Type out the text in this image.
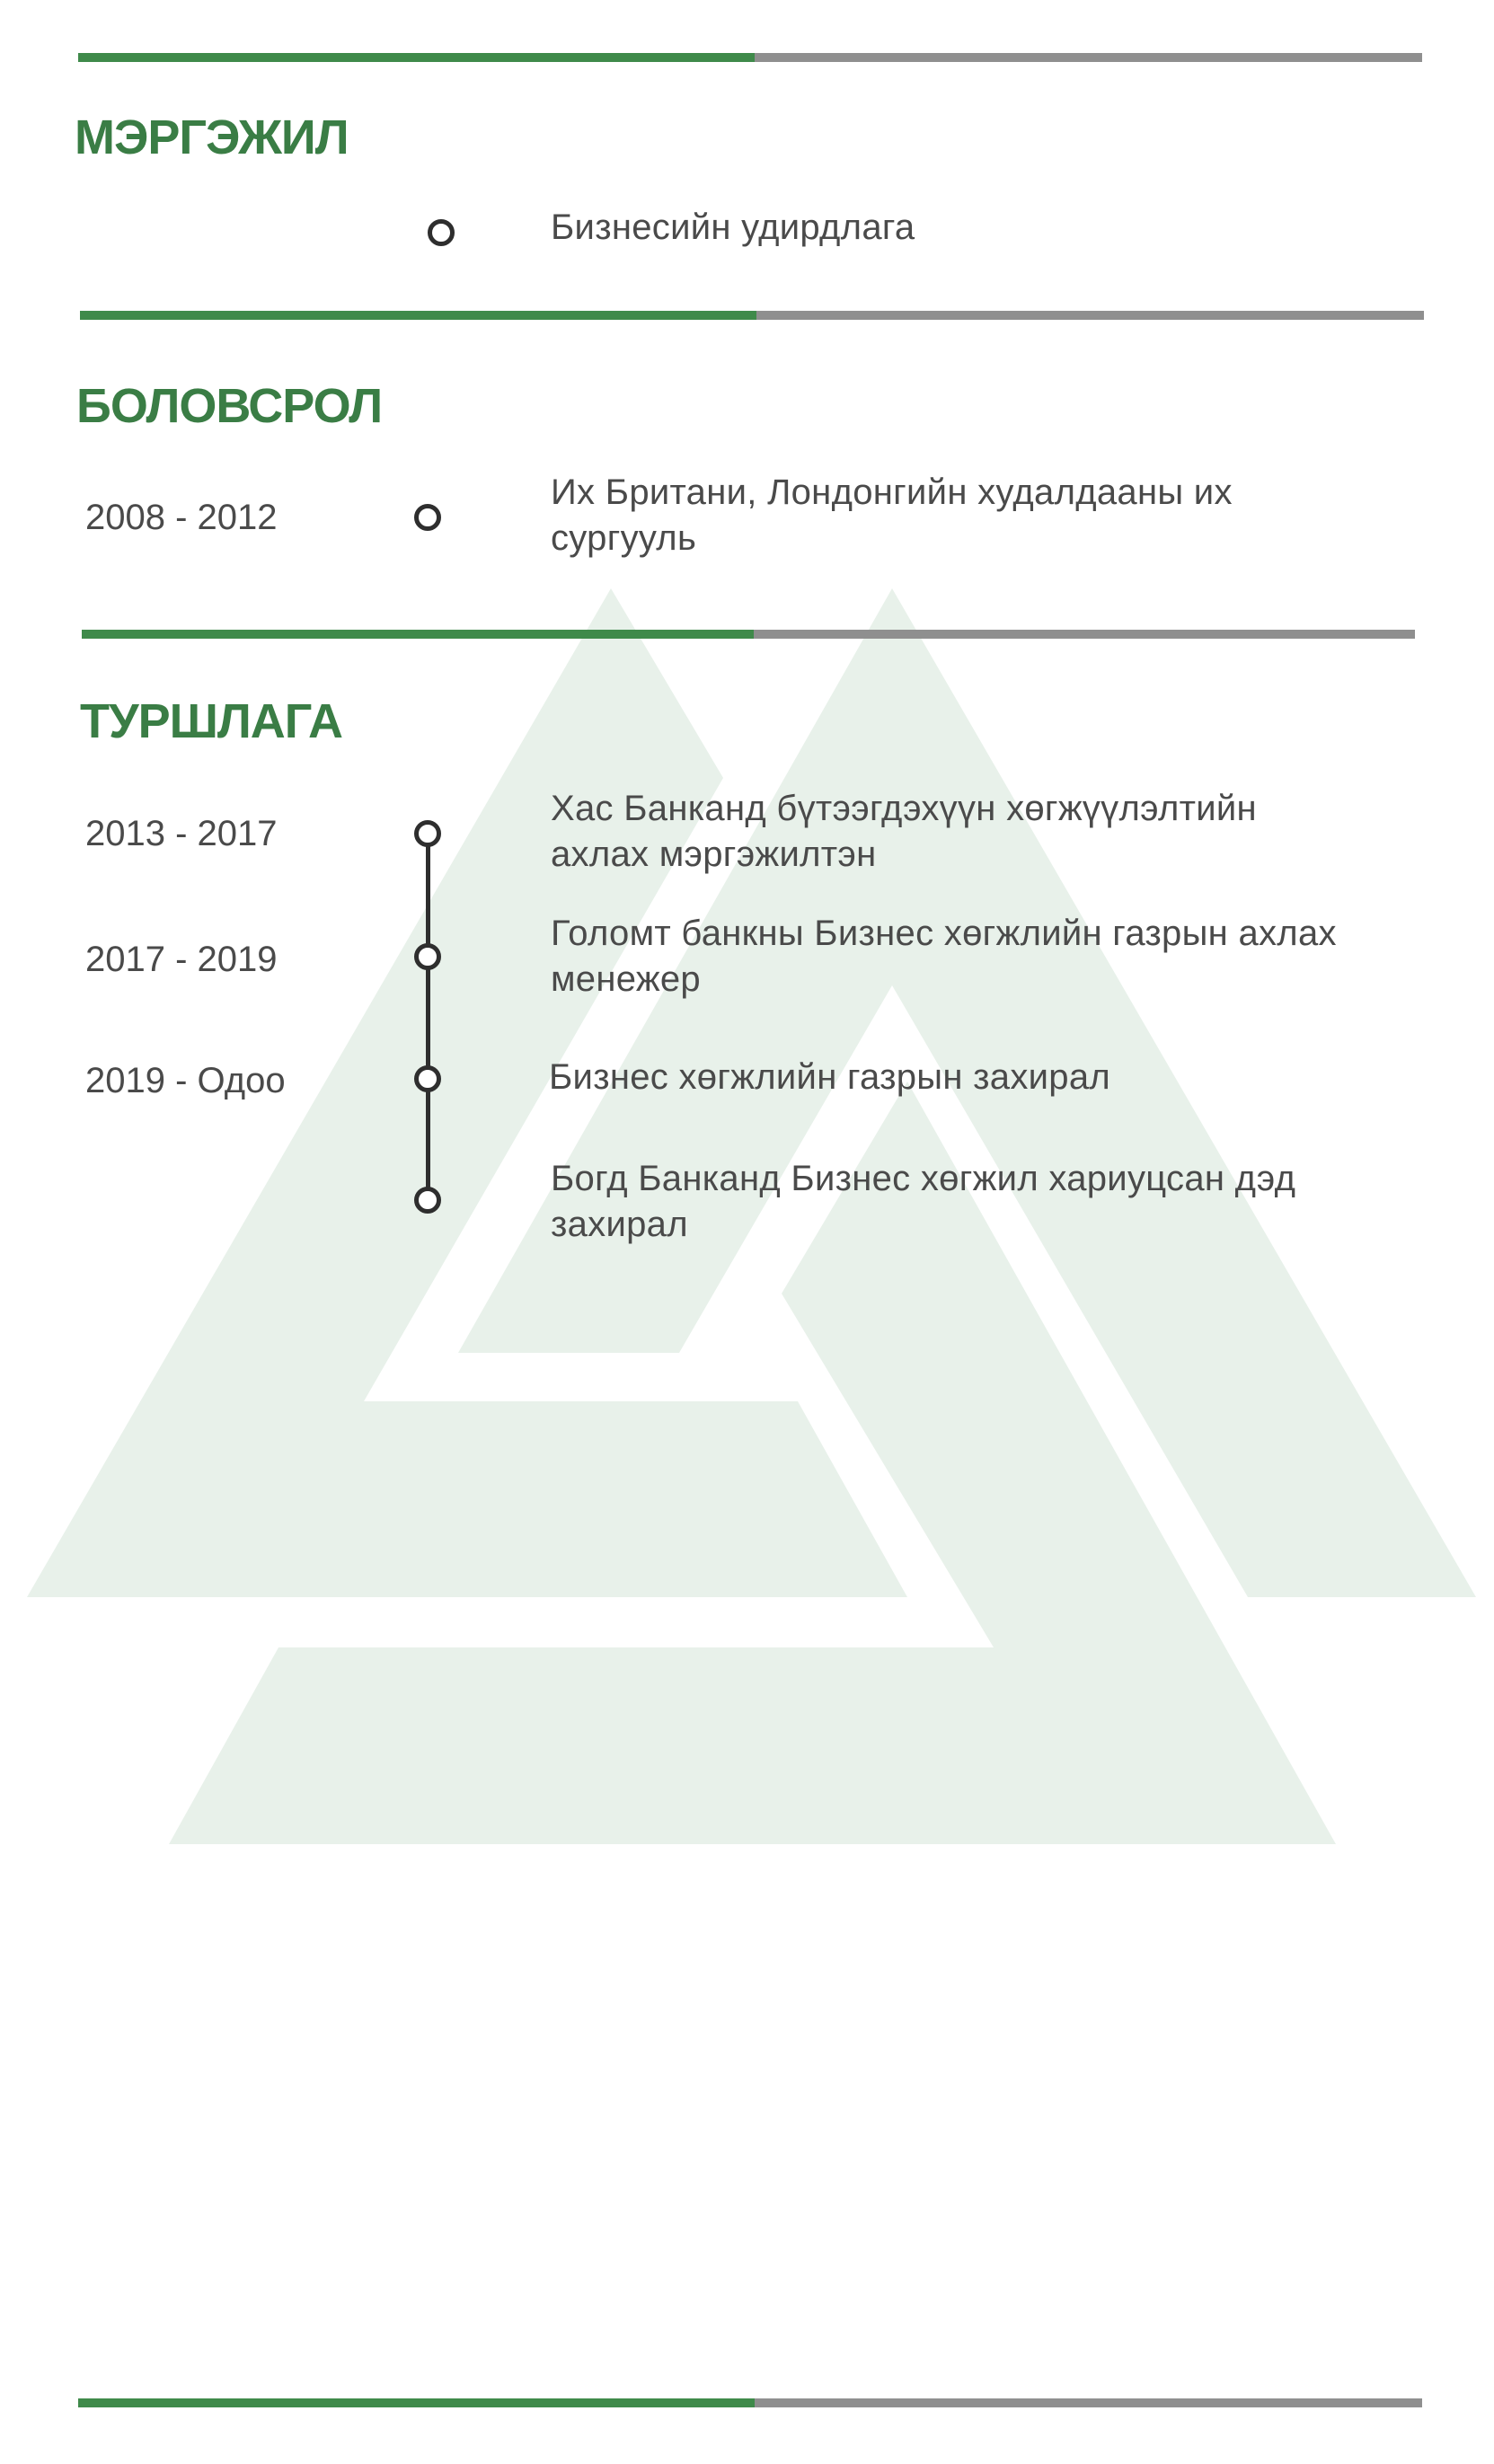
МЭРГЭЖИЛ
Бизнесийн удирдлага
БОЛОВСРОЛ
2008 - 2012
Их Британи, Лондонгийн худалдааны их сургууль
ТУРШЛАГА
2013 - 2017
Хас Банканд бүтээгдэхүүн хөгжүүлэлтийн ахлах мэргэжилтэн
2017 - 2019
Голомт банкны Бизнес хөгжлийн газрын ахлах менежер
2019 - Одоо	Бизнес хөгжлийн газрын захирал
Богд Банканд Бизнес хөгжил хариуцсан дэд захирал
